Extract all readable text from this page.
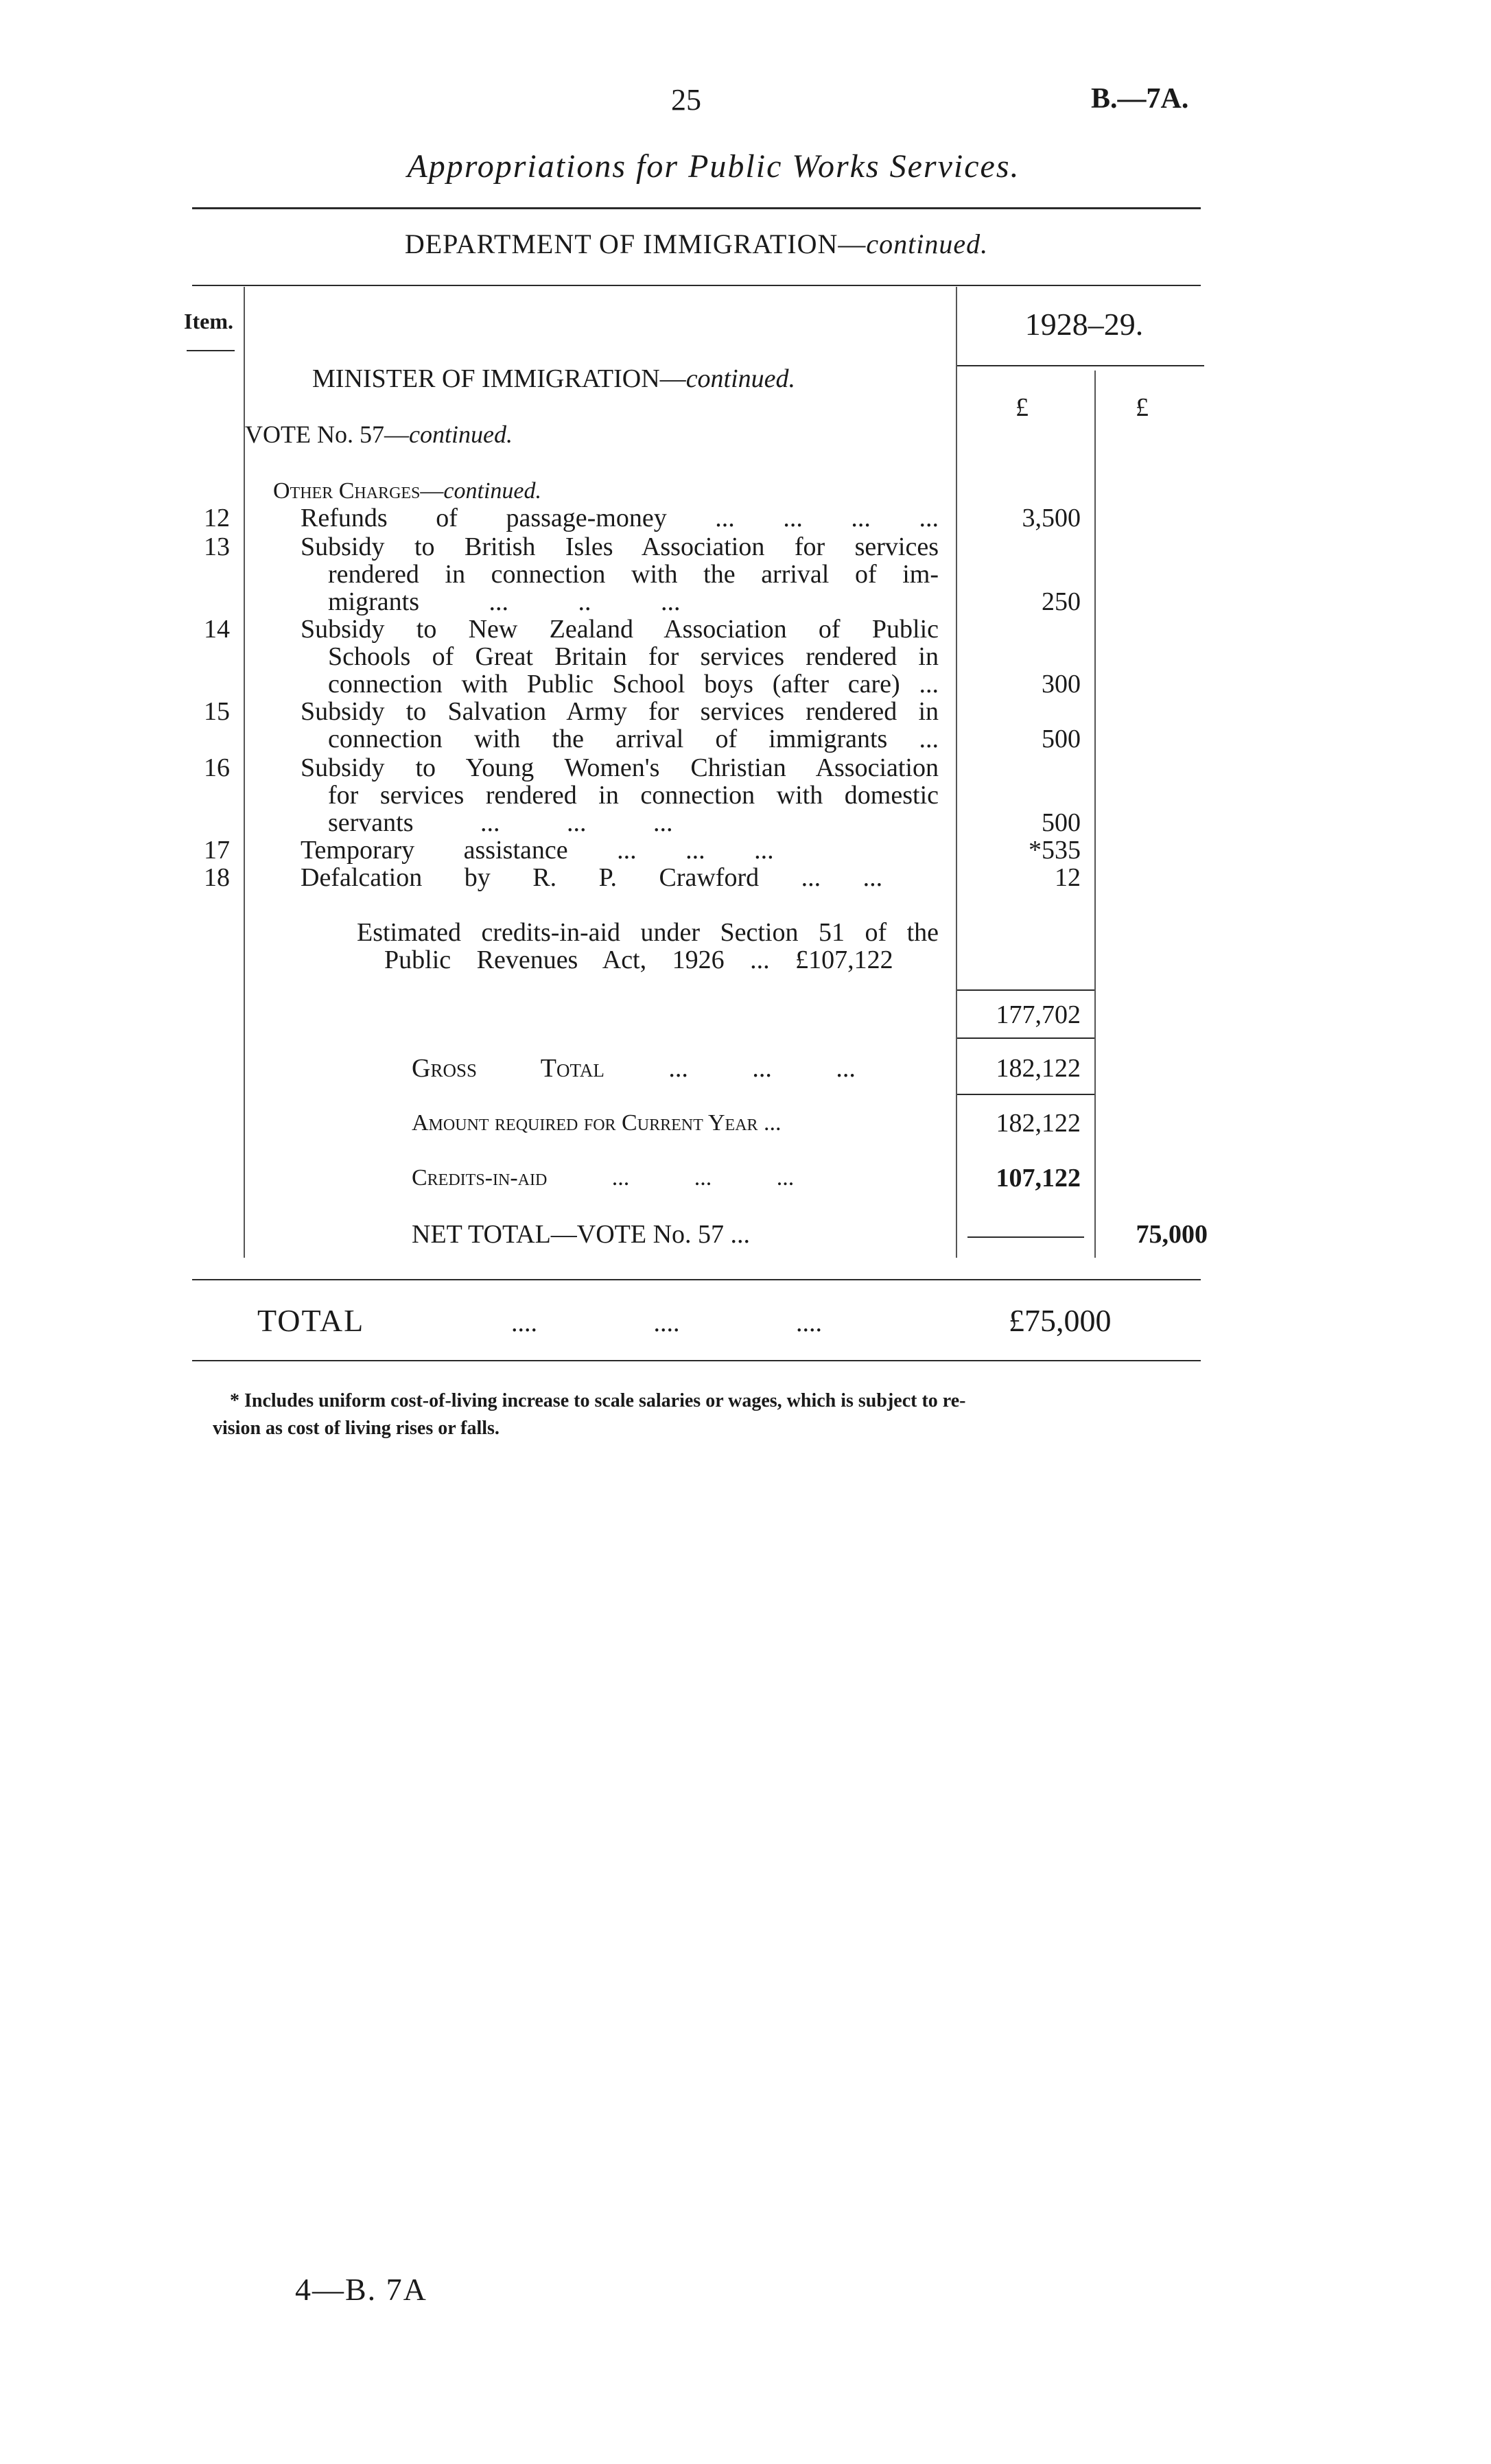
25	B.—7A.
Appropriations for Public Works Services.
DEPARTMENT OF IMMIGRATION—continued.
Item.	1928–29.
£	£
MINISTER OF IMMIGRATION—continued.
VOTE No. 57—continued.
Other Charges—continued.
12	Refunds of passage-money ... ... ... ...	3,500
13	Subsidy to British Isles Association for services
rendered in connection with the arrival of im-
migrants ... .. ...	250
14	Subsidy to New Zealand Association of Public
Schools of Great Britain for services rendered in
connection with Public School boys (after care) ...	300
15	Subsidy to Salvation Army for services rendered in
connection with the arrival of immigrants ...	500
16	Subsidy to Young Women's Christian Association
for services rendered in connection with domestic
servants ... ... ...	500
17	Temporary assistance ... ... ...	*535
18	Defalcation by R. P. Crawford ... ...	12
Estimated credits-in-aid under Section 51 of the
Public Revenues Act, 1926 ... £107,122
177,702
Gross Total ... ... ...	182,122
Amount required for Current Year ...	182,122
Credits-in-aid ... ... ...	107,122
NET TOTAL—VOTE No. 57 ...	75,000
TOTAL	.... .... ....	£75,000
* Includes uniform cost-of-living increase to scale salaries or wages, which is subject to re-
vision as cost of living rises or falls.
4—B. 7A
